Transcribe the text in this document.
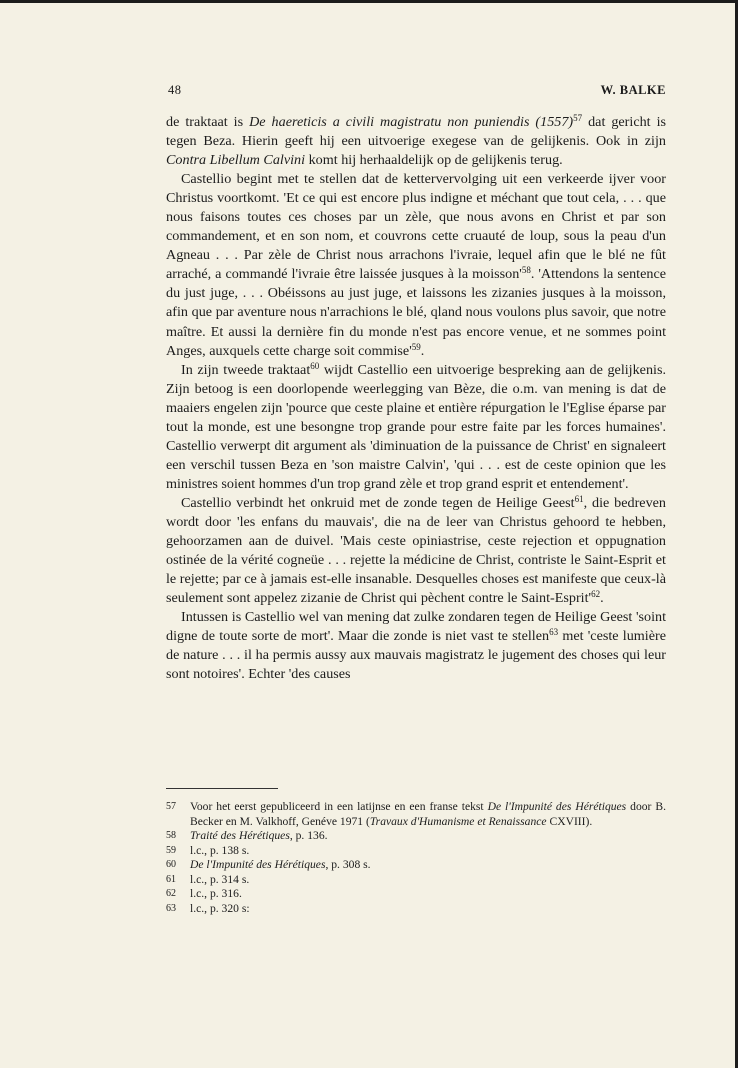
48	W. BALKE

de traktaat is De haereticis a civili magistratu non puniendis $(1557)^{57}$ dat gericht is tegen Beza. Hierin geeft hij een uitvoerige exegese van de gelijkenis. Ook in zijn Contra Libellum Calvini komt hij herhaaldelijk op de gelijkenis terug.

Castellio begint met te stellen dat de kettervervolging uit een verkeerde ijver voor Christus voortkomt. 'Et ce qui est encore plus indigne et méchant que tout cela, . . . que nous faisons toutes ces choses par un zèle, que nous avons en Christ et par son commandement, et en son nom, et couvrons cette cruauté de loup, sous la peau d'un Agneau . . . Par zèle de Christ nous arrachons l'ivraie, lequel afin que le blé ne fût arraché, a commandé l'ivraie être laissée jusques à la $moisson'^{58}$. 'Attendons la sentence du just juge, . . . Obéissons au just juge, et laissons les zizanies jusques à la moisson, afin que par aventure nous n'arrachions le blé, qland nous voulons plus savoir, que notre maître. Et aussi la dernière fin du monde n'est pas encore venue, et ne sommes point Anges, auxquels cette charge soit $commise'^{59}$.

In zijn tweede traktaat$^{60}$ wijdt Castellio een uitvoerige bespreking aan de gelijkenis. Zijn betoog is een doorlopende weerlegging van Bèze, die o.m. van mening is dat de maaiers engelen zijn 'pource que ceste plaine et entière répurgation le l'Eglise éparse par tout la monde, est une besongne trop grande pour estre faite par les forces humaines'. Castellio verwerpt dit argument als 'diminuation de la puissance de Christ' en signaleert een verschil tussen Beza en 'son maistre Calvin', 'qui . . . est de ceste opinion que les ministres soient hommes d'un trop grand zèle et trop grand esprit et entendement'.

Castellio verbindt het onkruid met de zonde tegen de Heilige Geest$^{61}$, die bedreven wordt door 'les enfans du mauvais', die na de leer van Christus gehoord te hebben, gehoorzamen aan de duivel. 'Mais ceste opiniastrise, ceste rejection et oppugnation ostinée de la vérité cogneüe . . . rejette la médicine de Christ, contriste le Saint-Esprit et le rejette; par ce à jamais est-elle insanable. Desquelles choses est manifeste que ceux-là seulement sont appelez zizanie de Christ qui pèchent contre le Saint-$Esprit'^{62}$.

Intussen is Castellio wel van mening dat zulke zondaren tegen de Heilige Geest 'soint digne de toute sorte de mort'. Maar die zonde is niet vast te stellen$^{63}$ met 'ceste lumière de nature . . . il ha permis aussy aux mauvais magistratz le jugement des choses qui leur sont notoires'. Echter 'des causes

57	Voor het eerst gepubliceerd in een latijnse en een franse tekst De l'Impunité des Hérétiques door B. Becker en M. Valkhoff, Genéve 1971 (Travaux d'Humanisme et Renaissance CXVIII).
58	Traité des Hérétiques, p. 136.
59	l.c., p. 138 s.
60	De l'Impunité des Hérétiques, p. 308 s.
61	l.c., p. 314 s.
62	l.c., p. 316.
63	l.c., p. 320 s:
